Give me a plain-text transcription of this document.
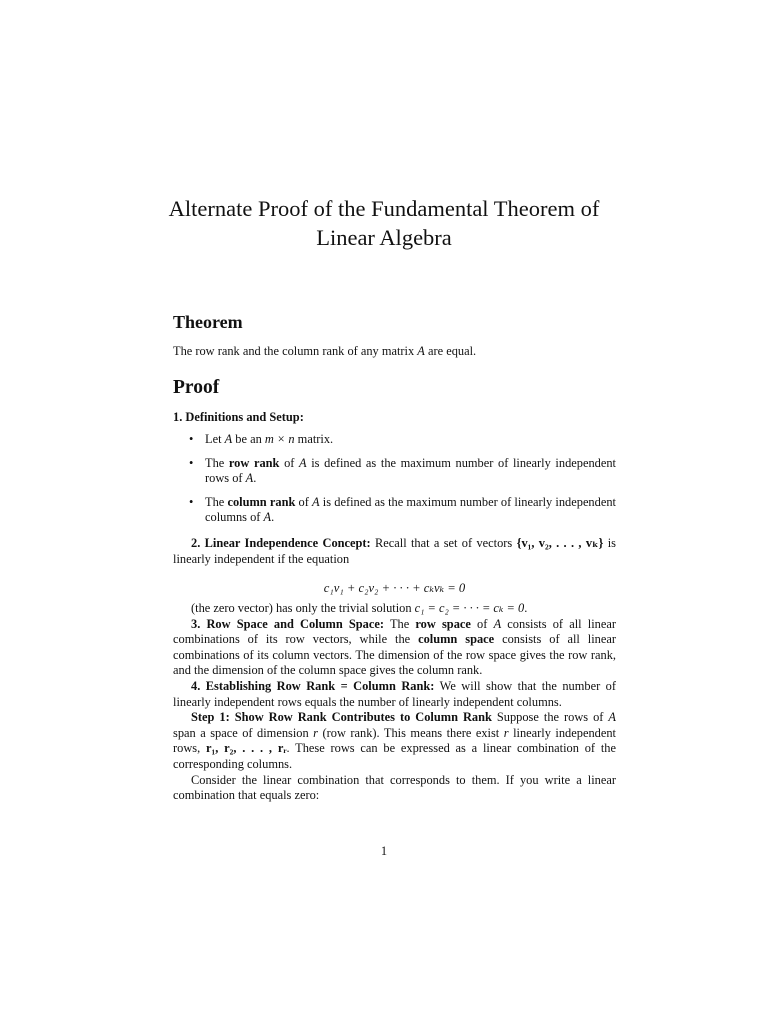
Alternate Proof of the Fundamental Theorem of Linear Algebra
Theorem

The row rank and the column rank of any matrix A are equal.

Proof

1. Definitions and Setup:

• Let A be an m × n matrix.
• The row rank of A is defined as the maximum number of linearly independent rows of A.
• The column rank of A is defined as the maximum number of linearly independent columns of A.

2. Linear Independence Concept: Recall that a set of vectors {v₁, v₂, . . . , vₖ} is linearly independent if the equation

c₁v₁ + c₂v₂ + · · · + cₖvₖ = 0
(the zero vector) has only the trivial solution c₁ = c₂ = · · · = cₖ = 0.
3. Row Space and Column Space: The row space of A consists of all linear combinations of its row vectors, while the column space consists of all linear combinations of its column vectors. The dimension of the row space gives the row rank, and the dimension of the column space gives the column rank.
4. Establishing Row Rank = Column Rank: We will show that the number of linearly independent rows equals the number of linearly independent columns.
Step 1: Show Row Rank Contributes to Column Rank Suppose the rows of A span a space of dimension r (row rank). This means there exist r linearly independent rows, r₁, r₂, . . . , rᵣ. These rows can be expressed as a linear combination of the corresponding columns.
Consider the linear combination that corresponds to them. If you write a linear combination that equals zero:
1
